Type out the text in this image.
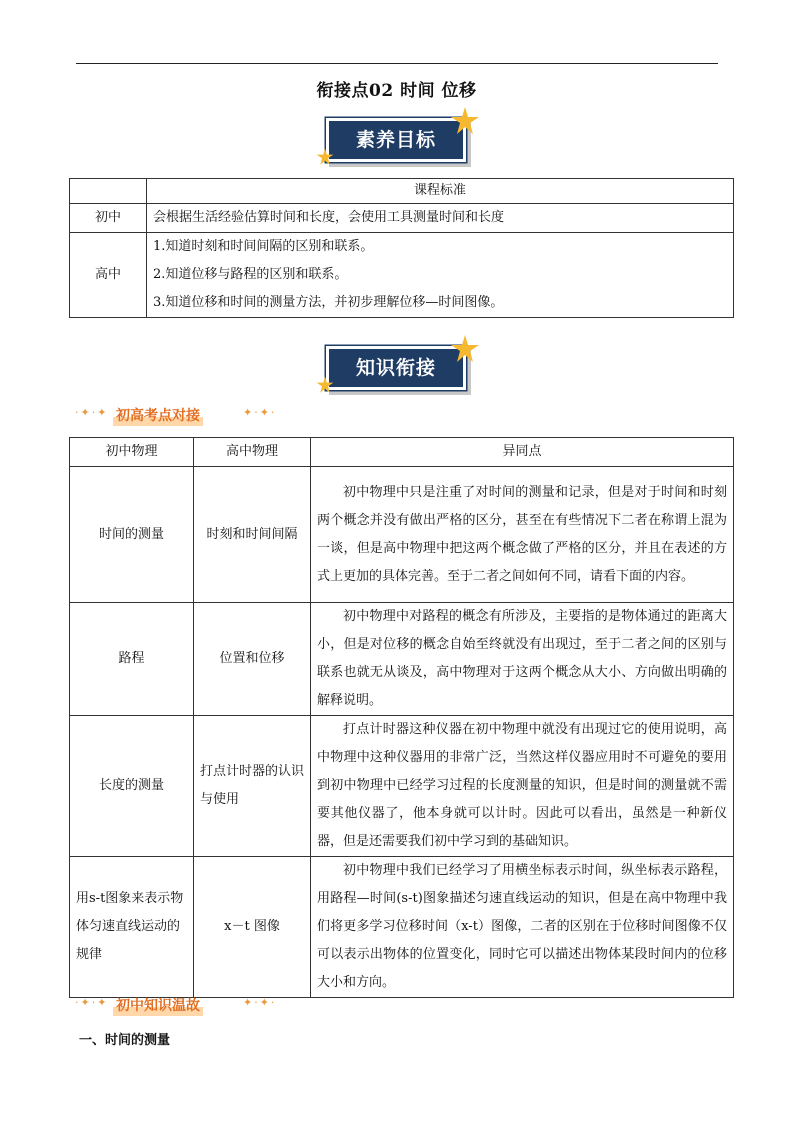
衔接点02 时间 位移
素养目标
	课程标准
初中	会根据生活经验估算时间和长度，会使用工具测量时间和长度

高中	1.知道时刻和时间间隔的区别和联系。

2.知道位移与路程的区别和联系。

3.知道位移和时间的测量方法，并初步理解位移—时间图像。

知识衔接
·✦·✦ 初高考点对接	✦·✦·
初中物理	高中物理	异同点
时间的测量	时刻和时间间隔	初中物理中只是注重了对时间的测量和记录，但是对于时间和时刻两个概念并没有做出严格的区分，甚至在有些情况下二者在称谓上混为一谈，但是高中物理中把这两个概念做了严格的区分，并且在表述的方式上更加的具体完善。至于二者之间如何不同，请看下面的内容。
路程	位置和位移	初中物理中对路程的概念有所涉及，主要指的是物体通过的距离大小，但是对位移的概念自始至终就没有出现过，至于二者之间的区别与联系也就无从谈及，高中物理对于这两个概念从大小、方向做出明确的解释说明。
长度的测量	打点计时器的认识与使用	打点计时器这种仪器在初中物理中就没有出现过它的使用说明，高中物理中这种仪器用的非常广泛，当然这样仪器应用时不可避免的要用到初中物理中已经学习过程的长度测量的知识，但是时间的测量就不需要其他仪器了，他本身就可以计时。因此可以看出，虽然是一种新仪器，但是还需要我们初中学习到的基础知识。
用s-t图象来表示物体匀速直线运动的规律	x－t 图像	初中物理中我们已经学习了用横坐标表示时间，纵坐标表示路程，用路程—时间(s-t)图象描述匀速直线运动的知识，但是在高中物理中我们将更多学习位移时间（x-t）图像，二者的区别在于位移时间图像不仅可以表示出物体的位置变化，同时它可以描述出物体某段时间内的位移大小和方向。
·✦·✦ 初中知识温故	✦·✦·
一、时间的测量
